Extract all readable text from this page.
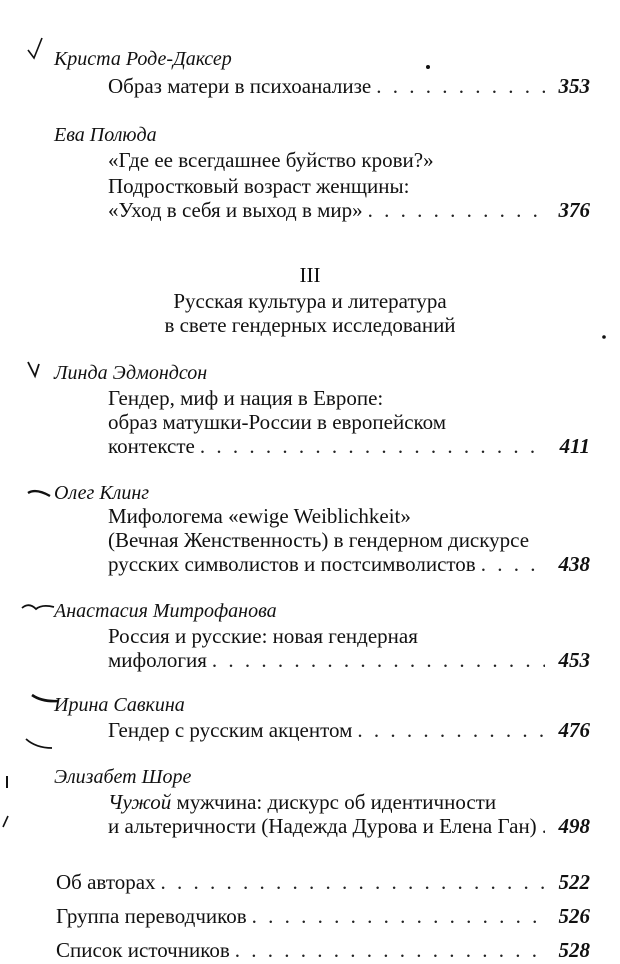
Криста Роде-Даксер
Образ матери в психоанализе . . .	353
Ева Полюда
«Где ее всегдашнее буйство крови?»
Подростковый возраст женщины:
«Уход в себя и выход в мир» . . .	376
III
Русская культура и литература
в свете гендерных исследований
Линда Эдмондсон
Гендер, миф и нация в Европе:
образ матушки-России в европейском
контексте . . .	411
Олег Клинг
Мифологема «ewige Weiblichkeit»
(Вечная Женственность) в гендерном дискурсе
русских символистов и постсимволистов . . .	438
Анастасия Митрофанова
Россия и русские: новая гендерная
мифология . . .	453
Ирина Савкина
Гендер с русским акцентом . . .	476
Элизабет Шоре
Чужой мужчина: дискурс об идентичности
и альтеричности (Надежда Дурова и Елена Ган) . . .	498
Об авторах . . .	522
Группа переводчиков . . .	526
Список источников . . .	528
